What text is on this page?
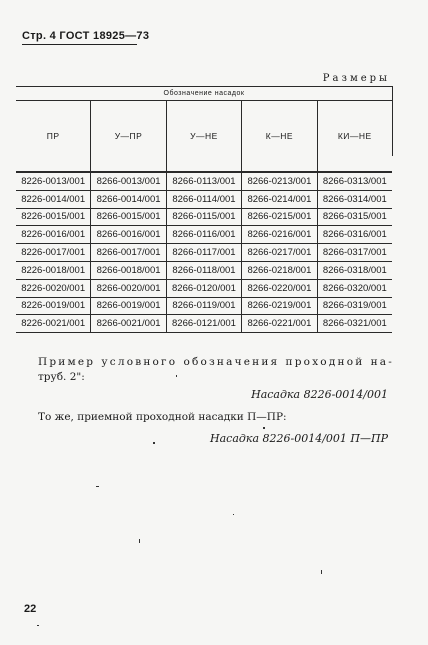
Стр. 4 ГОСТ 18925—73
Размеры
Обозначение насадок				
ПР	У—ПР	У—НЕ	К—НЕ	КИ—НЕ
8226-0013/001	8266-0013/001	8266-0113/001	8266-0213/001	8266-0313/001
8226-0014/001	8266-0014/001	8266-0114/001	8266-0214/001	8266-0314/001
8226-0015/001	8266-0015/001	8266-0115/001	8266-0215/001	8266-0315/001
8226-0016/001	8266-0016/001	8266-0116/001	8266-0216/001	8266-0316/001
8226-0017/001	8266-0017/001	8266-0117/001	8266-0217/001	8266-0317/001
8226-0018/001	8266-0018/001	8266-0118/001	8266-0218/001	8266-0318/001
8226-0020/001	8266-0020/001	8266-0120/001	8266-0220/001	8266-0320/001
8226-0019/001	8266-0019/001	8266-0119/001	8266-0219/001	8266-0319/001
8226-0021/001	8266-0021/001	8266-0121/001	8266-0221/001	8266-0321/001
Пример условного обозначения проходной на-
труб. 2":
Насадка 8226-0014/001
То же, приемной проходной насадки П—ПР:
Насадка 8226-0014/001 П—ПР
22
